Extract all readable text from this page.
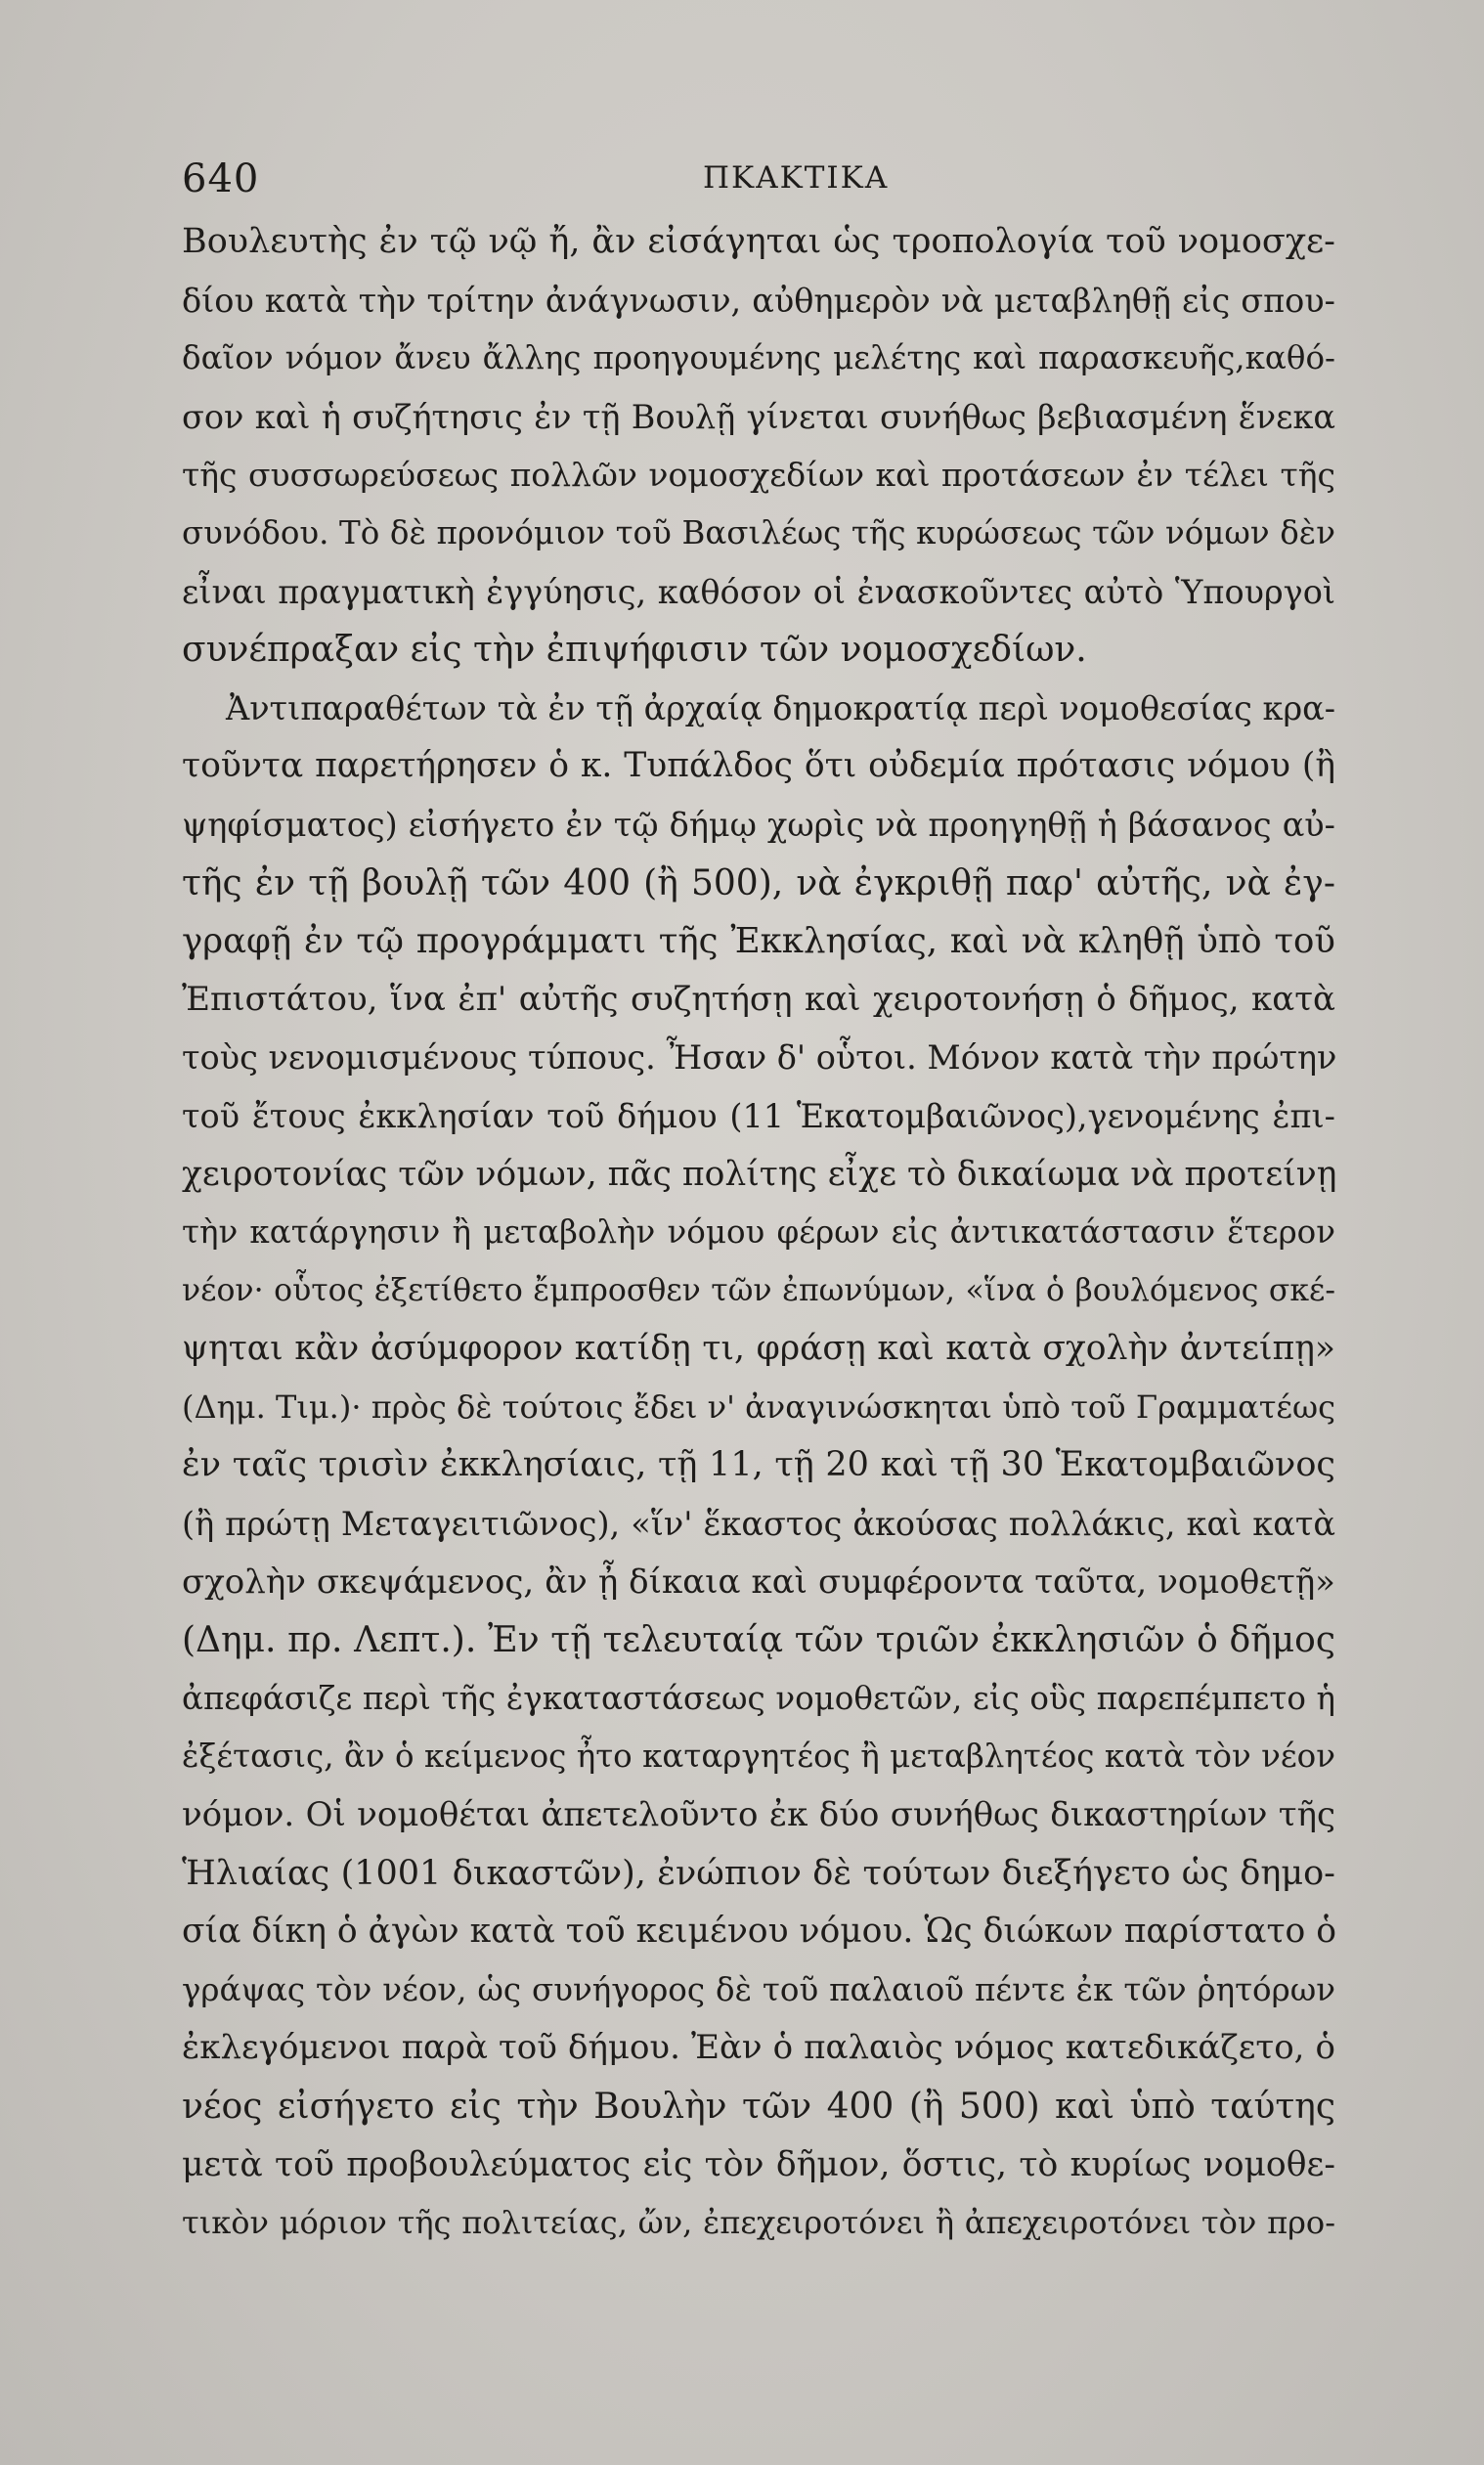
640	ΠΚΑΚΤΙΚΑ
Βουλευτὴς ἐν τῷ νῷ ἤ, ἂν εἰσάγηται ὡς τροπολογία τοῦ νομοσχε-
δίου κατὰ τὴν τρίτην ἀνάγνωσιν, αὐθημερὸν νὰ μεταβληθῇ εἰς σπου-
δαῖον νόμον ἄνευ ἄλλης προηγουμένης μελέτης καὶ παρασκευῆς,καθό-
σον καὶ ἡ συζήτησις ἐν τῇ Βουλῇ γίνεται συνήθως βεβιασμένη ἕνεκα
τῆς συσσωρεύσεως πολλῶν νομοσχεδίων καὶ προτάσεων ἐν τέλει τῆς
συνόδου. Τὸ δὲ προνόμιον τοῦ Βασιλέως τῆς κυρώσεως τῶν νόμων δὲν
εἶναι πραγματικὴ ἐγγύησις, καθόσον οἱ ἐνασκοῦντες αὐτὸ Ὑπουργοὶ
συνέπραξαν εἰς τὴν ἐπιψήφισιν τῶν νομοσχεδίων.
Ἀντιπαραθέτων τὰ ἐν τῇ ἀρχαίᾳ δημοκρατίᾳ περὶ νομοθεσίας κρα-
τοῦντα παρετήρησεν ὁ κ. Τυπάλδος ὅτι οὐδεμία πρότασις νόμου (ἢ
ψηφίσματος) εἰσήγετο ἐν τῷ δήμῳ χωρὶς νὰ προηγηθῇ ἡ βάσανος αὐ-
τῆς ἐν τῇ βουλῇ τῶν 400 (ἢ 500), νὰ ἐγκριθῇ παρ' αὐτῆς, νὰ ἐγ-
γραφῇ ἐν τῷ προγράμματι τῆς Ἐκκλησίας, καὶ νὰ κληθῇ ὑπὸ τοῦ
Ἐπιστάτου, ἵνα ἐπ' αὐτῆς συζητήσῃ καὶ χειροτονήσῃ ὁ δῆμος, κατὰ
τοὺς νενομισμένους τύπους. Ἦσαν δ' οὗτοι. Μόνον κατὰ τὴν πρώτην
τοῦ ἔτους ἐκκλησίαν τοῦ δήμου (11 Ἑκατομβαιῶνος),γενομένης ἐπι-
χειροτονίας τῶν νόμων, πᾶς πολίτης εἶχε τὸ δικαίωμα νὰ προτείνῃ
τὴν κατάργησιν ἢ μεταβολὴν νόμου φέρων εἰς ἀντικατάστασιν ἕτερον
νέον· οὗτος ἐξετίθετο ἔμπροσθεν τῶν ἐπωνύμων, «ἵνα ὁ βουλόμενος σκέ-
ψηται κἂν ἀσύμφορον κατίδῃ τι, φράσῃ καὶ κατὰ σχολὴν ἀντείπῃ»
(Δημ. Τιμ.)· πρὸς δὲ τούτοις ἔδει ν' ἀναγινώσκηται ὑπὸ τοῦ Γραμματέως
ἐν ταῖς τρισὶν ἐκκλησίαις, τῇ 11, τῇ 20 καὶ τῇ 30 Ἑκατομβαιῶνος
(ἢ πρώτῃ Μεταγειτιῶνος), «ἵν' ἕκαστος ἀκούσας πολλάκις, καὶ κατὰ
σχολὴν σκεψάμενος, ἂν ᾖ δίκαια καὶ συμφέροντα ταῦτα, νομοθετῇ»
(Δημ. πρ. Λεπτ.). Ἐν τῇ τελευταίᾳ τῶν τριῶν ἐκκλησιῶν ὁ δῆμος
ἀπεφάσιζε περὶ τῆς ἐγκαταστάσεως νομοθετῶν, εἰς οὓς παρεπέμπετο ἡ
ἐξέτασις, ἂν ὁ κείμενος ἦτο καταργητέος ἢ μεταβλητέος κατὰ τὸν νέον
νόμον. Οἱ νομοθέται ἀπετελοῦντο ἐκ δύο συνήθως δικαστηρίων τῆς
Ἡλιαίας (1001 δικαστῶν), ἐνώπιον δὲ τούτων διεξήγετο ὡς δημο-
σία δίκη ὁ ἀγὼν κατὰ τοῦ κειμένου νόμου. Ὡς διώκων παρίστατο ὁ
γράψας τὸν νέον, ὡς συνήγορος δὲ τοῦ παλαιοῦ πέντε ἐκ τῶν ῥητόρων
ἐκλεγόμενοι παρὰ τοῦ δήμου. Ἐὰν ὁ παλαιὸς νόμος κατεδικάζετο, ὁ
νέος εἰσήγετο εἰς τὴν Βουλὴν τῶν 400 (ἢ 500) καὶ ὑπὸ ταύτης
μετὰ τοῦ προβουλεύματος εἰς τὸν δῆμον, ὅστις, τὸ κυρίως νομοθε-
τικὸν μόριον τῆς πολιτείας, ὤν, ἐπεχειροτόνει ἢ ἀπεχειροτόνει τὸν προ-
